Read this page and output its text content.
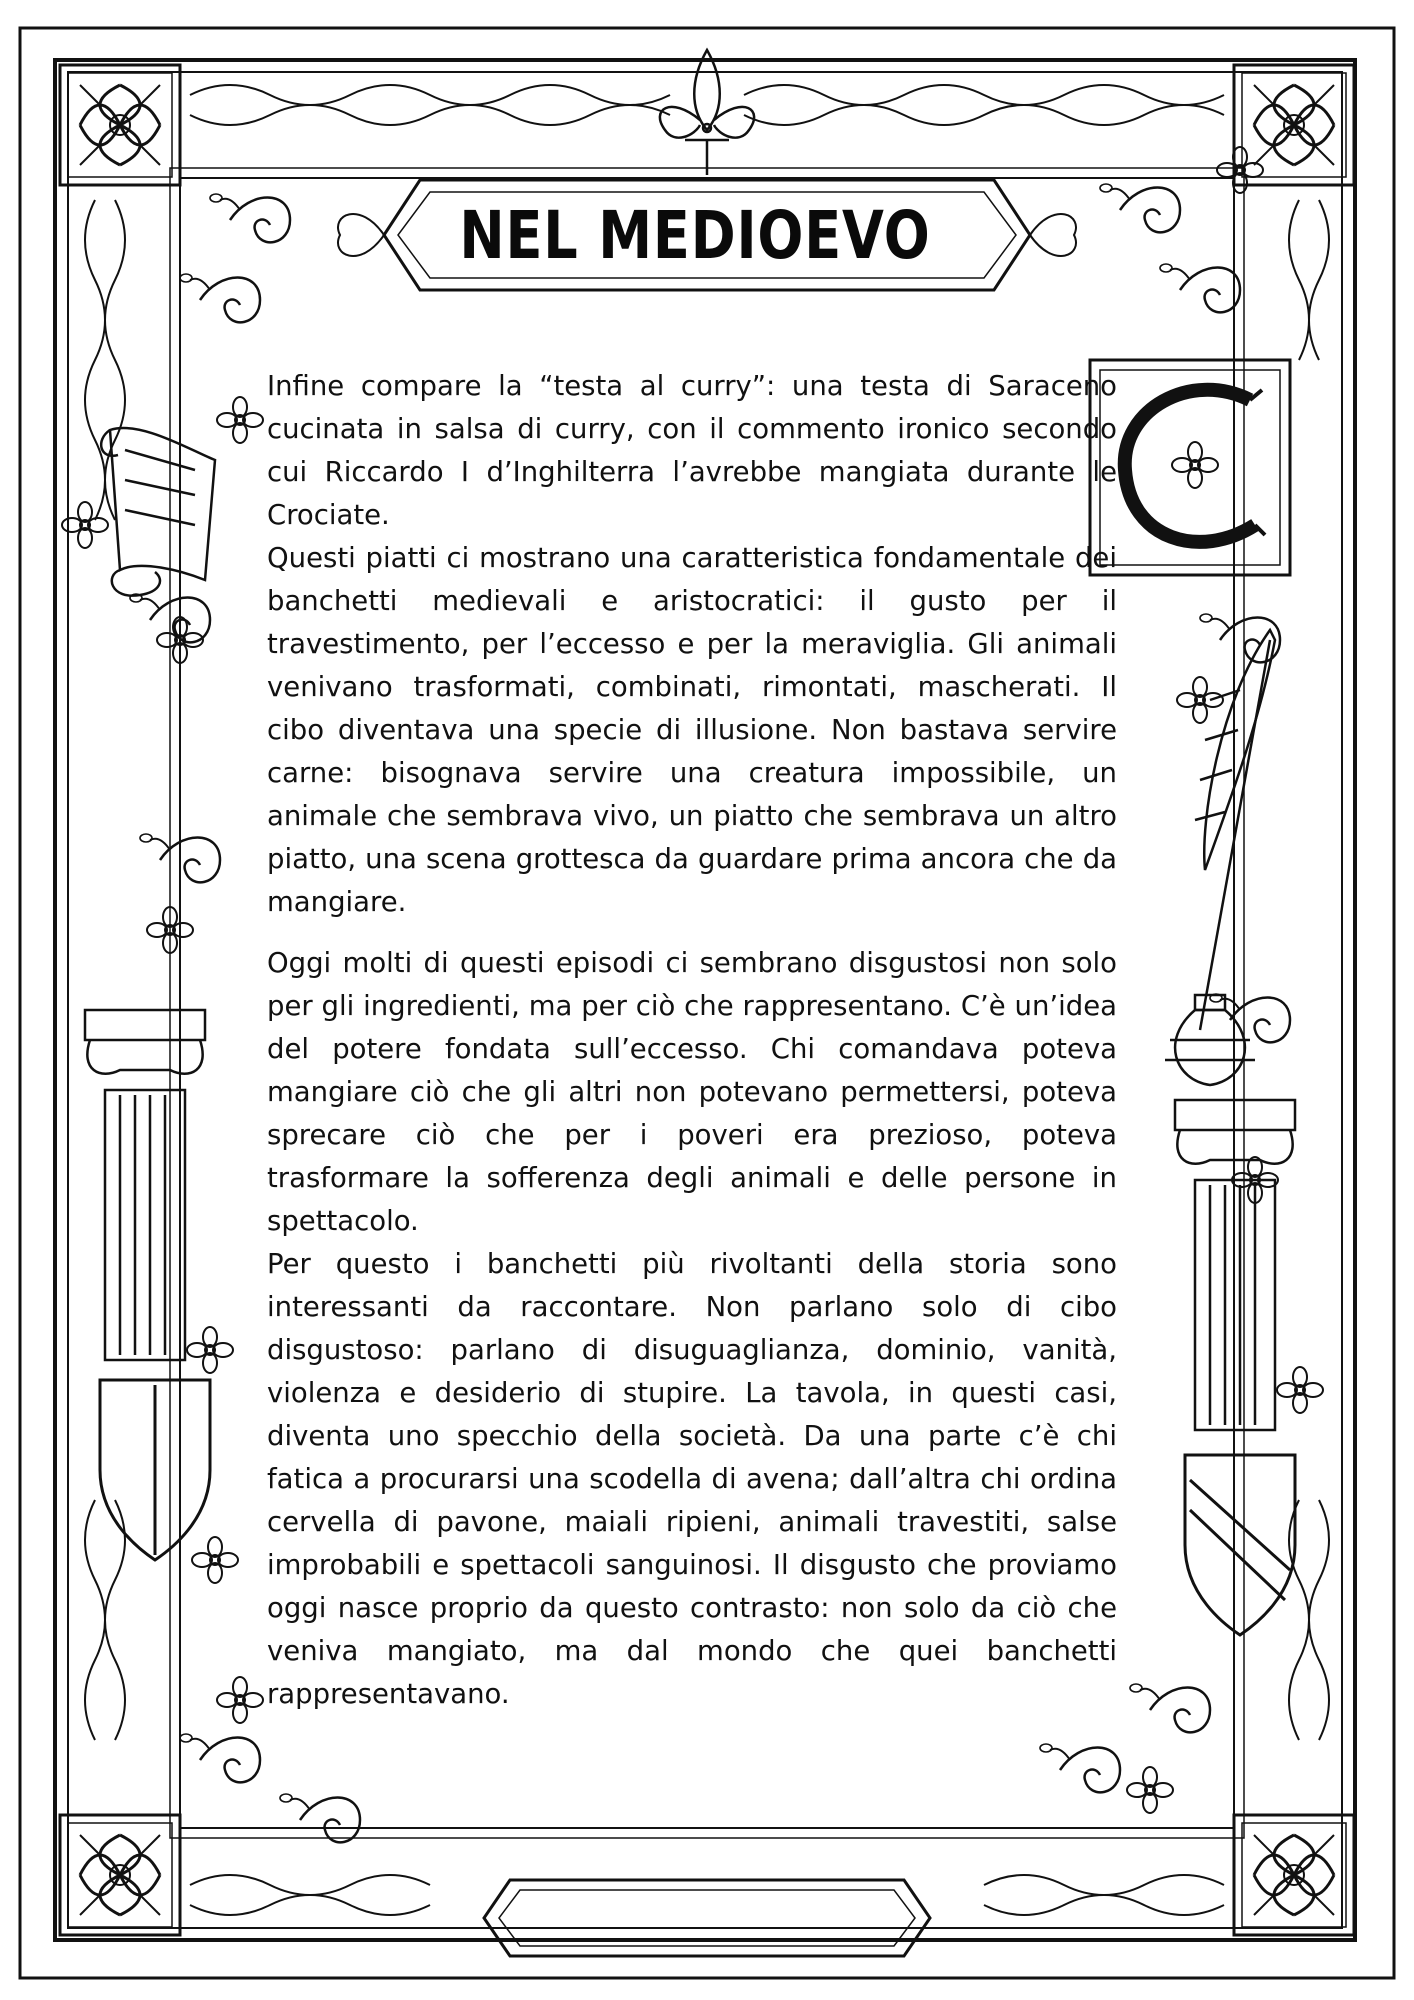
C
NEL MEDIOEVO

Infine compare la “testa al curry”: una testa di Saraceno cucinata in salsa di curry, con il commento ironico secondo cui Riccardo I d’Inghilterra l’avrebbe mangiata durante le Crociate.

Questi piatti ci mostrano una caratteristica fondamentale dei banchetti medievali e aristocratici: il gusto per il travestimento, per l’eccesso e per la meraviglia. Gli animali venivano trasformati, combinati, rimontati, mascherati. Il cibo diventava una specie di illusione. Non bastava servire carne: bisognava servire una creatura impossibile, un animale che sembrava vivo, un piatto che sembrava un altro piatto, una scena grottesca da guardare prima ancora che da mangiare.

Oggi molti di questi episodi ci sembrano disgustosi non solo per gli ingredienti, ma per ciò che rappresentano. C’è un’idea del potere fondata sull’eccesso. Chi comandava poteva mangiare ciò che gli altri non potevano permettersi, poteva sprecare ciò che per i poveri era prezioso, poteva trasformare la sofferenza degli animali e delle persone in spettacolo.

Per questo i banchetti più rivoltanti della storia sono interessanti da raccontare. Non parlano solo di cibo disgustoso: parlano di disuguaglianza, dominio, vanità, violenza e desiderio di stupire. La tavola, in questi casi, diventa uno specchio della società. Da una parte c’è chi fatica a procurarsi una scodella di avena; dall’altra chi ordina cervella di pavone, maiali ripieni, animali travestiti, salse improbabili e spettacoli sanguinosi. Il disgusto che proviamo oggi nasce proprio da questo contrasto: non solo da ciò che veniva mangiato, ma dal mondo che quei banchetti rappresentavano.
